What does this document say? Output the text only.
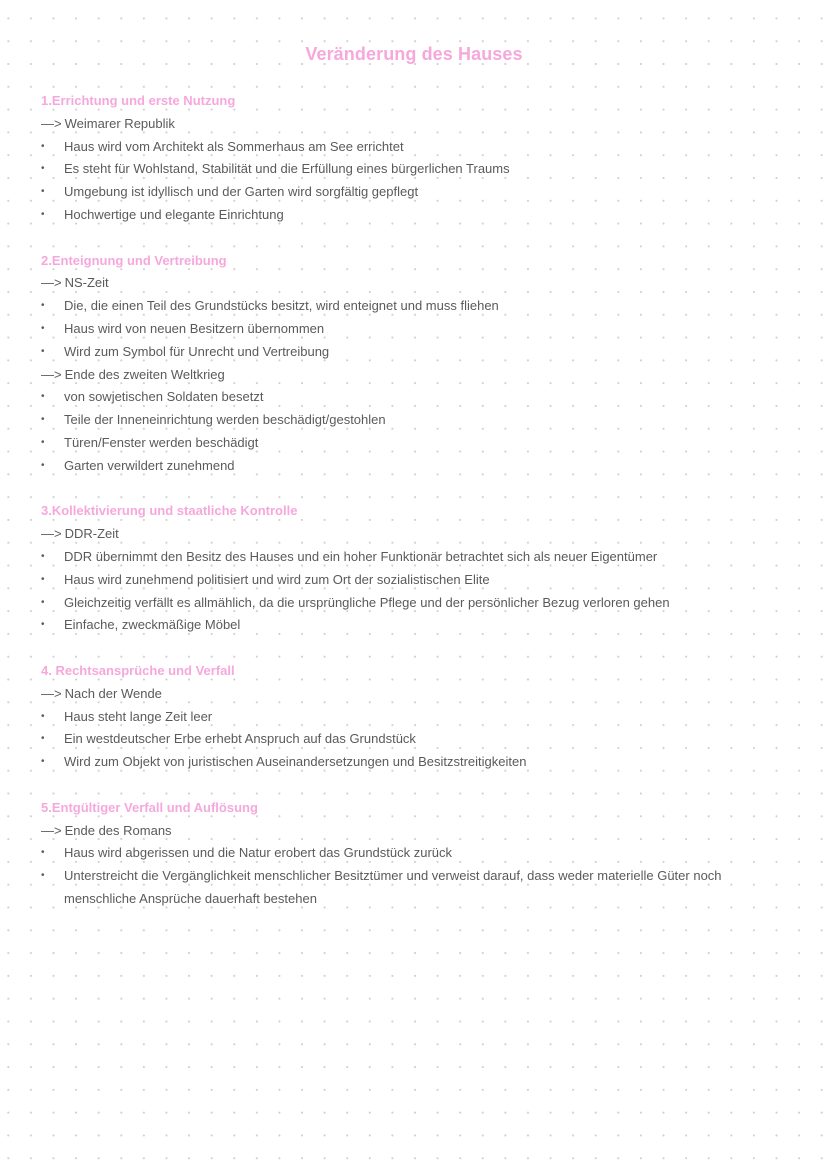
Veränderung des Hauses
1.Errichtung und erste Nutzung
—> Weimarer Republik
• Haus wird vom Architekt als Sommerhaus am See errichtet
• Es steht für Wohlstand, Stabilität und die Erfüllung eines bürgerlichen Traums
• Umgebung ist idyllisch und der Garten wird sorgfältig gepflegt
• Hochwertige und elegante Einrichtung
2.Enteignung und Vertreibung
—> NS-Zeit
• Die, die einen Teil des Grundstücks besitzt, wird enteignet und muss fliehen
• Haus wird von neuen Besitzern übernommen
• Wird zum Symbol für Unrecht und Vertreibung
—> Ende des zweiten Weltkrieg
• von sowjetischen Soldaten besetzt
• Teile der Inneneinrichtung werden beschädigt/gestohlen
• Türen/Fenster werden beschädigt
• Garten verwildert zunehmend
3.Kollektivierung und staatliche Kontrolle
—> DDR-Zeit
• DDR übernimmt den Besitz des Hauses und ein hoher Funktionär betrachtet sich als neuer Eigentümer
• Haus wird zunehmend politisiert und wird zum Ort der sozialistischen Elite
• Gleichzeitig verfällt es allmählich, da die ursprüngliche Pflege und der persönlicher Bezug verloren gehen
• Einfache, zweckmäßige Möbel
4. Rechtsansprüche und Verfall
—> Nach der Wende
• Haus steht lange Zeit leer
• Ein westdeutscher Erbe erhebt Anspruch auf das Grundstück
• Wird zum Objekt von juristischen Auseinandersetzungen und Besitzstreitigkeiten
5.Entgültiger Verfall und Auflösung
—> Ende des Romans
• Haus wird abgerissen und die Natur erobert das Grundstück zurück
• Unterstreicht die Vergänglichkeit menschlicher Besitztümer und verweist darauf, dass weder materielle Güter noch
menschliche Ansprüche dauerhaft bestehen
